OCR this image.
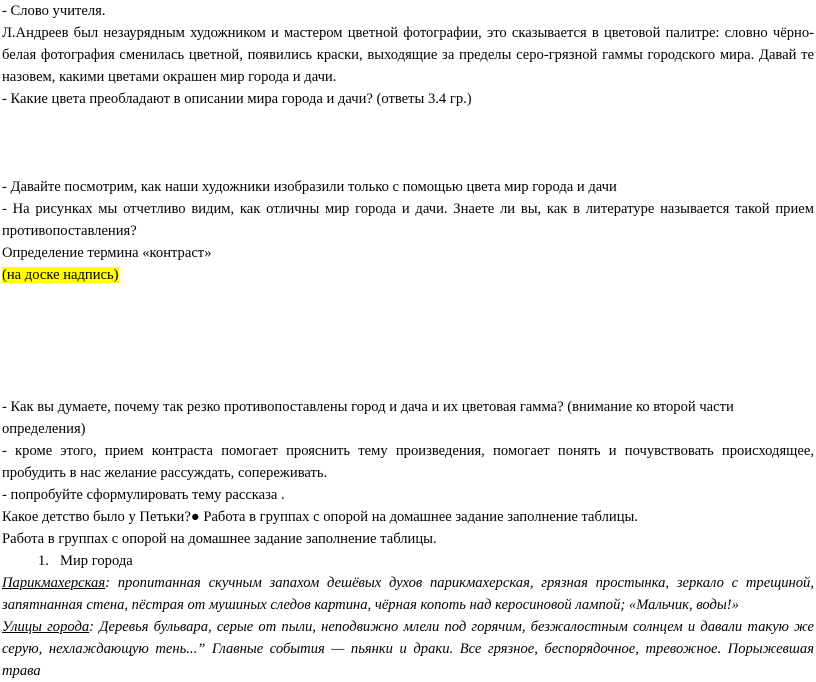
- Слово учителя.

Л.Андреев был незаурядным художником и мастером цветной фотографии, это сказывается в цветовой палитре: словно чёрно-белая фотография сменилась цветной, появились краски, выходящие за пределы серо-грязной гаммы городского мира. Давай те назовем, какими цветами окрашен мир города и дачи.

- Какие цвета преобладают в описании мира города и дачи? (ответы 3.4 гр.)

- Давайте посмотрим, как наши художники изобразили только с помощью цвета мир города и дачи

- На рисунках мы отчетливо видим, как отличны мир города и дачи. Знаете ли вы, как в литературе называется такой прием противопоставления?

Определение термина «контраст»

(на доске надпись)

- Как вы думаете, почему так резко противопоставлены город и дача и их цветовая гамма? (внимание ко второй части определения)

- кроме этого, прием контраста помогает прояснить тему произведения, помогает понять и почувствовать происходящее, пробудить в нас желание рассуждать, сопереживать.

- попробуйте сформулировать тему рассказа .

Какое детство было у Петьки?● Работа в группах с опорой на домашнее задание заполнение таблицы.

Работа в группах с опорой на домашнее задание заполнение таблицы.

1. Мир города

Парикмахерская: пропитанная скучным запахом дешёвых духов парикмахерская, грязная простынка, зеркало с трещиной, запятнанная стена, пёстрая от мушиных следов картина, чёрная копоть над керосиновой лампой; «Мальчик, воды!»

Улицы города: Деревья бульвара, серые от пыли, неподвижно млели под горячим, безжалостным солнцем и давали такую же серую, нехлаждающую тень...” Главные события — пьянки и драки. Все грязное, беспорядочное, тревожное. Порыжевшая трава
